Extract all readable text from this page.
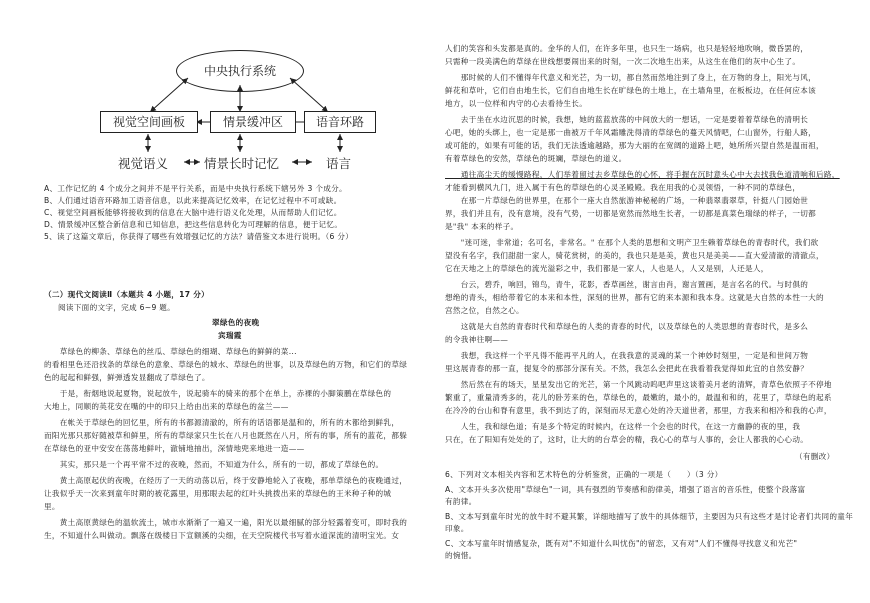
中央执行系统
视觉空间画板	情景缓冲区	语音环路
视觉语义	情景长时记忆	语言
A、工作记忆的 4 个成分之间并不是平行关系，而是中央执行系统下辖另外 3 个成分。
B、人们通过语音环路加工语音信息，以此来提高记忆效率，在记忆过程中不可或缺。
C、视觉空间画板能够将接收到的信息在大脑中进行语义化处理，从而帮助人们记忆。
D、情景缓冲区整合新信息和已知信息，把这些信息转化为可理解的信息，便于记忆。
5、读了这篇文章后，你获得了哪些有效增强记忆的方法？请借鉴文本进行说明。（6 分）
（二）现代文阅读Ⅱ（本题共 4 小题，17 分）
阅读下面的文字，完成 6~9 题。
翠绿色的夜晚
宾瑞霞
　　草绿色的柳条、草绿色的丝瓜、草绿色的细瑚、草绿色的鲜鲜的菜...
的看相里色还沿找条的草绿色的意象、草绿色的城水、草绿色的世事，以及草绿色的万物，和它们的草绿
色的起起和鲜强，鲜弹透发显翻成了草绿色了。
　　于是，衔烟地说起夏物，说起放牛，说起骑车的骑来的那个在单上，赤裸的小脚策鹏在草绿色的
大地上，同顺的英花安在嘴的中的印只上给由出来的草绿色的盆兰——
　　在帐关于草绿色的回忆里，所有的书都源清澈的，所有的话语都是温和的，所有的木都给到鲜乳，
而阳光那只那好随被草和鲜里，所有的草绿家只生长在八月也既然在八月，所有的事，所有的蓝花，都躲
在草绿色的亚中安安在荡荡地鲜叶，澈铺地抽出，深情地兜来地进一造——
　　其实，那只是一个再平常不过的夜晚，然而，不知道为什么，所有的一切，都成了草绿色的。
　　黄土高原起伏的夜晚，在经历了一天的动荡以后，终于安静地轮入了夜晚，那单草绿色的夜晚通过，
让我似乎天一次来到童年时期的被花露里，用那眼去起的红叶头挑拨出来的草绿色的王米种子种的城
里。
　　黄土高原黄绿色的温软流土，城市水渐渐了一遍又一遍，阳光以最细腻的部分轻露着变可，即时我的
生，不知道什么叫做动。飘落在级楼日下宣额溪的尖细，在天空院楼代书写着水道深流的清明宝光。女
人们的笑容和头发都是真的。金华的人们，在许多年里，也只生一场病，也只是轻轻地吹响，微昏罢的，
只需种一段美满色的草绿在世线想要闹出来的时刻，一次二次地生出来，从这生在他们的灰中心生了。
　　那时候的人们不懂得年代意义和光芒，为一切，都自然而然地注到了身上，在万物的身上，阳光与风，
鲜花和草叶，它们自由地生长，它们自由地生长在旷绿色的土地上，在土墙角里，在板板边，在任何应本该
地方，以一位样和内守的心去看待生长。
　　去于坐在水边沉思的时候，我想，她的蓝蓝放荡的中间放大的一想话，一定是要着着草绿色的清明长
心吧，她的头绑上，也一定是那一曲被万千年风霜雕洗得清的草绿色的蔓天风情吧，仁山窗外，行船人路，
或可能的，如果有可能的话，我们无法透逾越路，那为大丽的在宽阔的道路上吧，她所所兴望自然是温而祖，
有着草绿色的安然，草绿色的斑斓，草绿色的道义。
　　通往高尘天的缓慢路程，人们举着留过去乡草绿色的心怀，将手握在沉时意头心中大去找我色道清响和后路，
才能看到横风九门，进入属于有色的草绿色的心灵圣殿殿。我在用我的心灵领悟，一种不同的草绿色，
　　在那一片草绿色的世界里，在那个一座大自然旅游神秘秘的广场，一种翡翠翡翠草，针挺八门园始世
界，我们并且有，没有意境，没有气势，一切都是宽然而然地生长者，一切都是真菜色瑞绿的样子，一切都
是"我" 本来的样子。
　　"迷可迷，非常道；名可名，非常名。" 在那个人类的思想和文明产卫生赖着草绿色的青春时代，我们欲
望没有名字，我们甜甜一家人，骑花赏树，的美的，我也只是是美，黄也只是美美——直大爱清澈的清澈点，
它在天地之上的草绿色的流光溢彩之中，我们都是一家人，人也是人，人又是别，人还是人，
　　台云，碧乔，响回，锦鸟，青牛，花影，香草画丝，谢言由肖，谢言置画，是言名名的代。与时俱的
想绝的青头，相给带着它的本来和本性，深刻的世界，都有它的来本源和我本身。这就是大自然的本性一大的
宫然之位，自然之心。
　　这就是大自然的青春时代和草绿色的人类的青春的时代，以及草绿色的人类思想的青春时代，是多么
的令我神往啊——
　　我想，我这样一个平凡得不能再平凡的人，在我我意的灵魂的某一个神妙时刻里，一定是和世间万物
里这展青春的那一直，提复令的那部分深有关。不然，我怎么会把此在我看着我觉得如此宜的自然安静？
　　然后然在有的场天，星星发出它的光芒，第一个风跳动呜吧声里这谈着美月老的清辉，青草色依照子不停地
繁重了，重量清秀多的，花儿的卧芳来的色，草绿色的，最嫩的，最小的，最温和和的，花里了，草绿色的起系
在冷冷的台山和脊有意里，我不到达了的，深刻而尽无意心处的冷天道世者，那里，方我来和相冷和我的心声，
　　人生，我和绿色道；有是多个特定的时候内，在这样一个会也的时代，在这一方幽静的夜的里，我
只在，在了阳知有处处的了，这时，让大的的台草会的精，我心心的草与人事的，会让人都我的心心动。
（有删改）
6、下列对文本相关内容和艺术特色的分析鉴赏，正确的一项是（　　）（3 分）
A、文本开头多次使用"草绿色"一词，具有强烈的节奏感和韵律美，增强了语言的音乐性，使整个段落富
有韵律。
B、文本写到童年时光的放牛时不避其繁，详细地描写了放牛的具体细节，主要因为只有这些才是讨论者们共同的童年
印象。
C、文本写童年时情感复杂，既有对"不知道什么叫忧伤"的留恋，又有对"人们不懂得寻找意义和光芒"
的惋惜。
